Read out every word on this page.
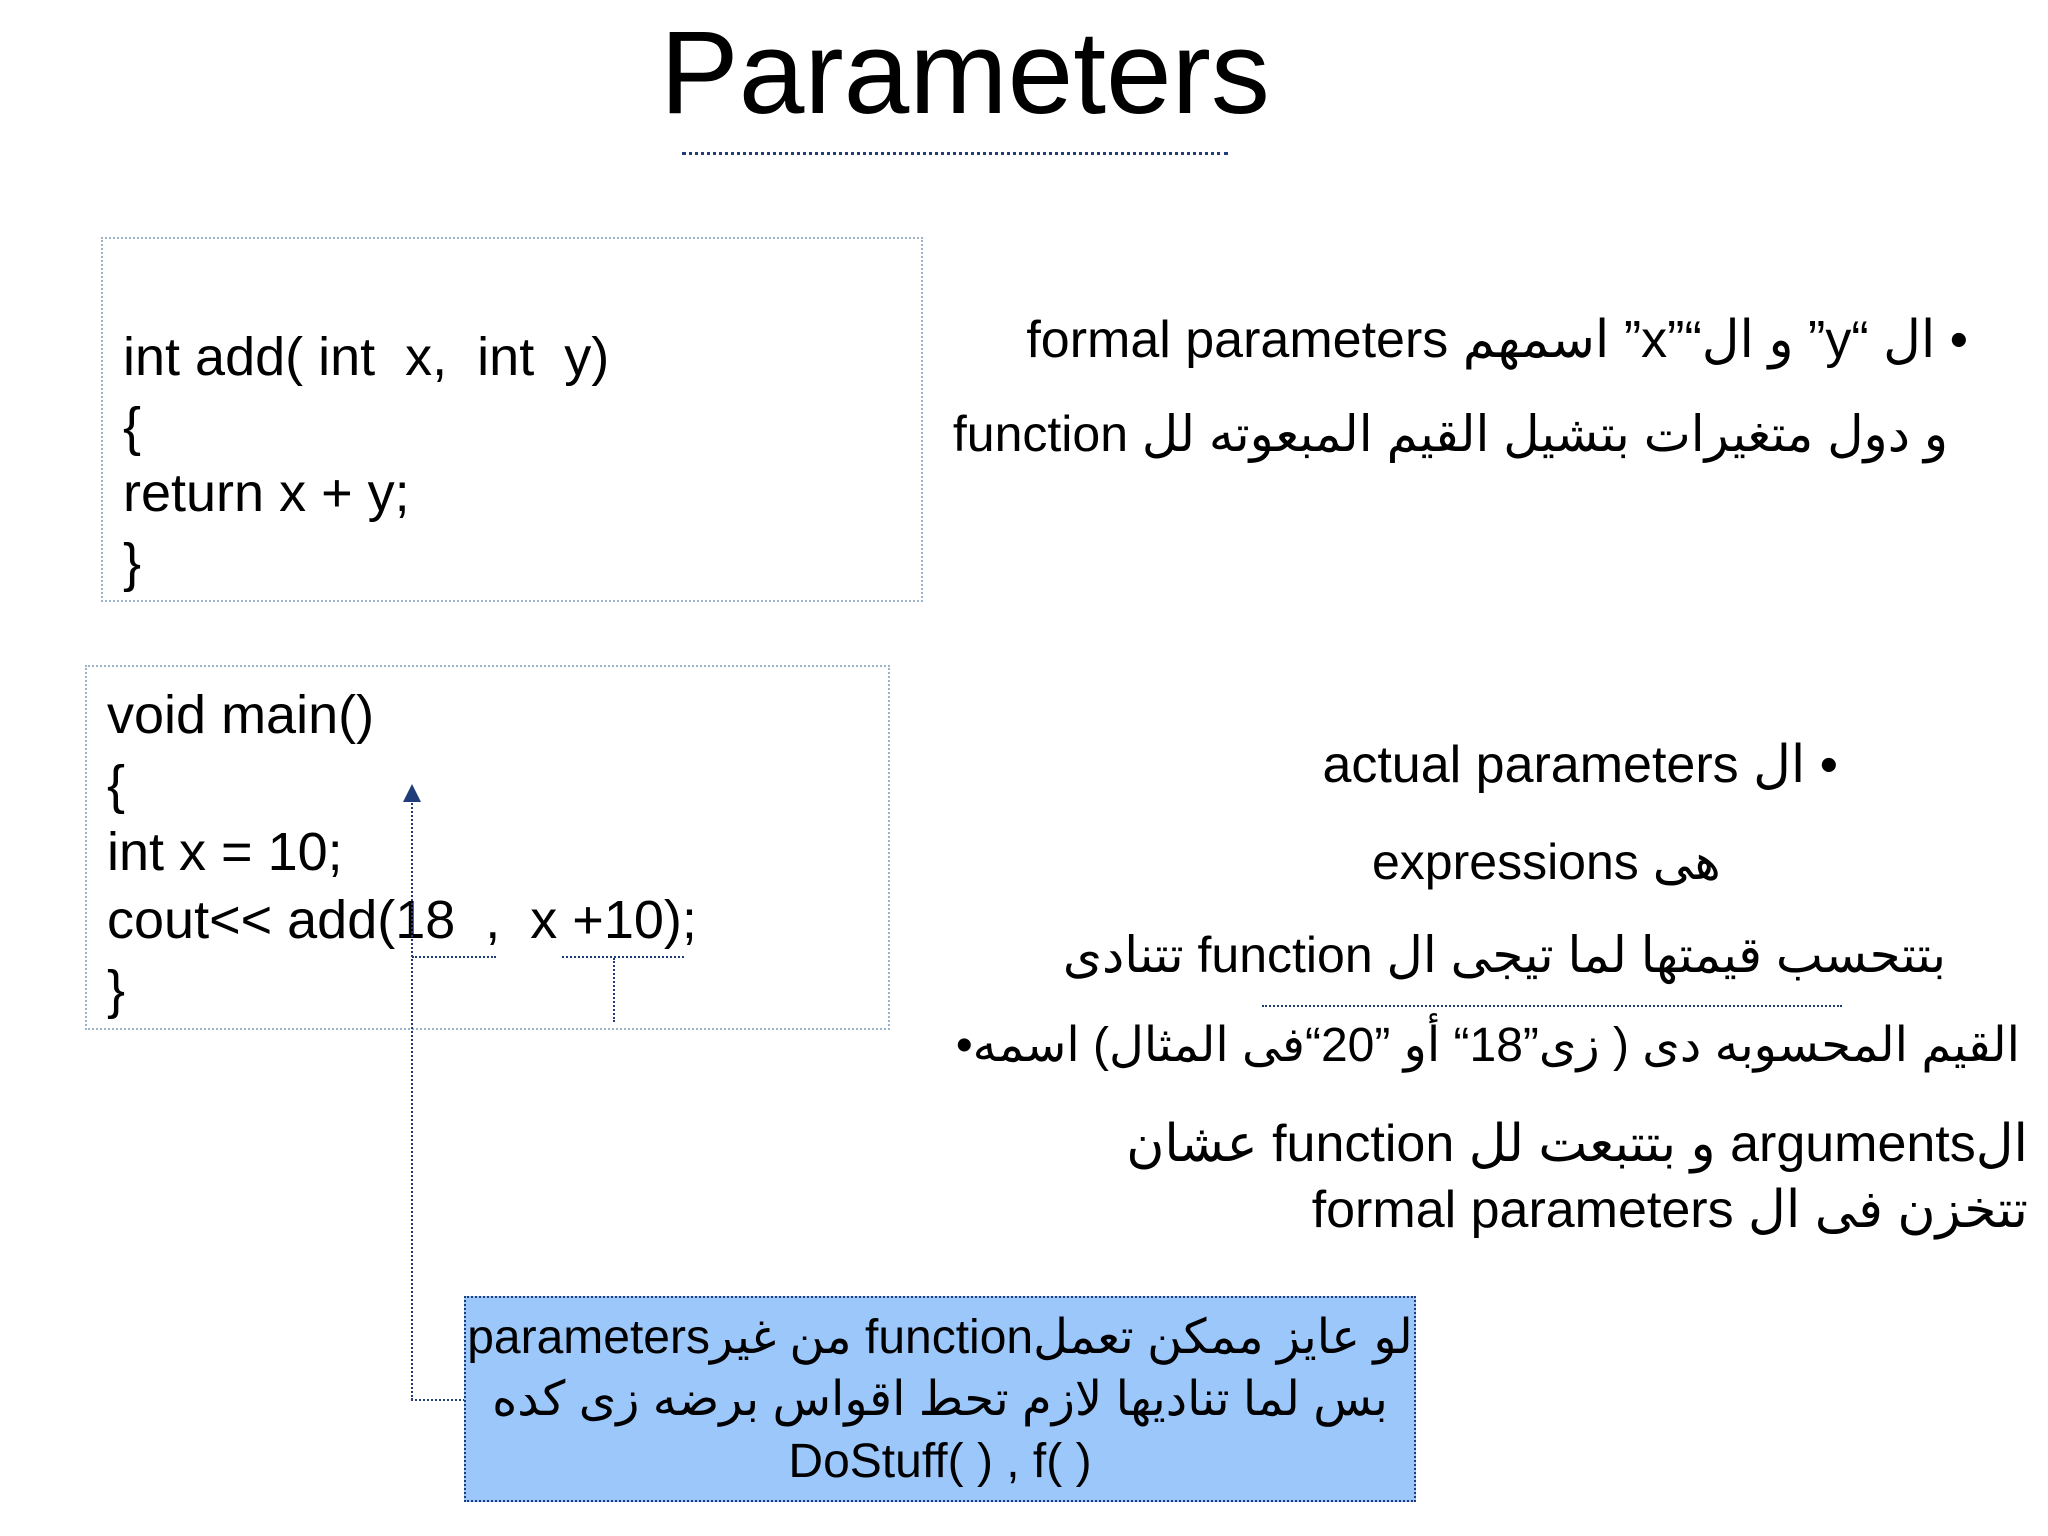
Parameters
int add( int  x,  int  y)
{
return x + y;
}
void main()
{
int x = 10;
cout<< add(18  ,  x +10);
}
• ال “y” و ال“”x” اسمهم formal parameters
و دول متغيرات بتشيل القيم المبعوته لل function
• ال actual parameters
هى expressions
بتتحسب قيمتها لما تيجى ال function تتنادى
القيم المحسوبه دى ( زى”18“ أو ”20“فى المثال) اسمه•
الarguments و بتتبعت لل function عشان
تتخزن فى ال formal parameters
لو عايز ممكن تعملfunction من غيرparameters
بس لما تناديها لازم تحط اقواس برضه زى كده
DoStuff( ) , f( )
